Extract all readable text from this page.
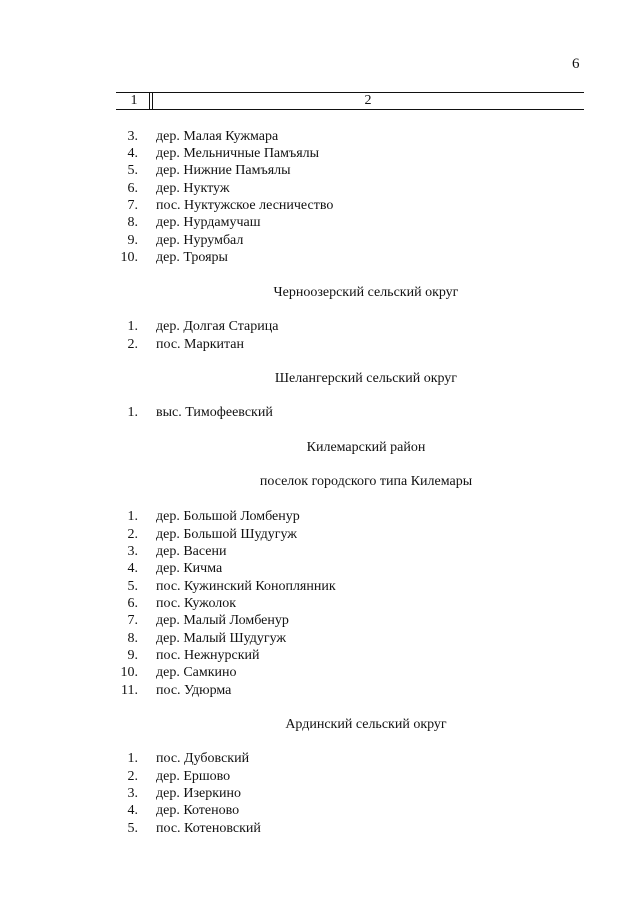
6
1	2
3. дер. Малая Кужмара
4. дер. Мельничные Памъялы
5. дер. Нижние Памъялы
6. дер. Нуктуж
7. пос. Нуктужское лесничество
8. дер. Нурдамучаш
9. дер. Нурумбал
10. дер. Трояры
Черноозерский сельский округ
1. дер. Долгая Старица
2. пос. Маркитан
Шелангерский сельский округ
1. выс. Тимофеевский
Килемарский район
поселок городского типа Килемары
1. дер. Большой Ломбенур
2. дер. Большой Шудугуж
3. дер. Васени
4. дер. Кичма
5. пос. Кужинский Коноплянник
6. пос. Кужолок
7. дер. Малый Ломбенур
8. дер. Малый Шудугуж
9. пос. Нежнурский
10. дер. Самкино
11. пос. Удюрма
Ардинский сельский округ
1. пос. Дубовский
2. дер. Ершово
3. дер. Изеркино
4. дер. Котеново
5. пос. Котеновский
